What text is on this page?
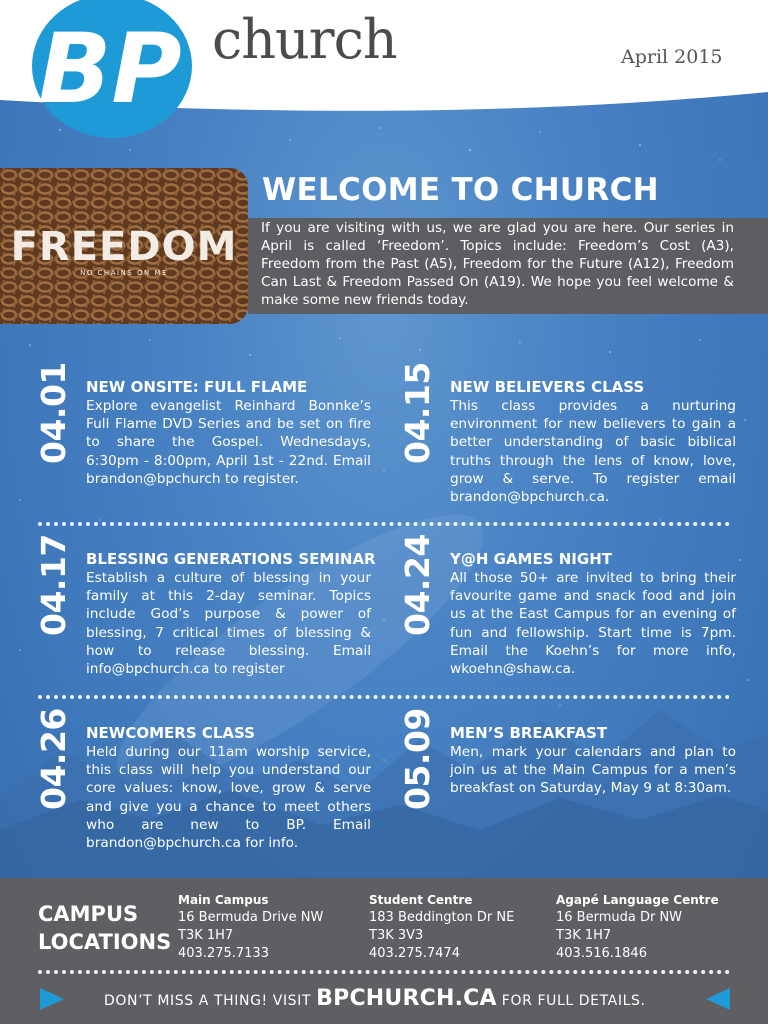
BP church	April 2015
FREEDOM
NO CHAINS ON ME
WELCOME TO CHURCH
If you are visiting with us, we are glad you are here. Our series in April is called ‘Freedom’. Topics include: Freedom’s Cost (A3), Freedom from the Past (A5), Freedom for the Future (A12), Freedom Can Last & Freedom Passed On (A19). We hope you feel welcome & make some new friends today.
04.01 NEW ONSITE: FULL FLAME
Explore evangelist Reinhard Bonnke’s Full Flame DVD Series and be set on fire to share the Gospel. Wednesdays, 6:30pm - 8:00pm, April 1st - 22nd. Email brandon@bpchurch to register.
04.15 NEW BELIEVERS CLASS
This class provides a nurturing environment for new believers to gain a better understanding of basic biblical truths through the lens of know, love, grow & serve. To register email brandon@bpchurch.ca.
04.17 BLESSING GENERATIONS SEMINAR
Establish a culture of blessing in your family at this 2-day seminar. Topics include God’s purpose & power of blessing, 7 critical times of blessing & how to release blessing. Email info@bpchurch.ca to register
04.24 Y@H GAMES NIGHT
All those 50+ are invited to bring their favourite game and snack food and join us at the East Campus for an evening of fun and fellowship. Start time is 7pm. Email the Koehn’s for more info, wkoehn@shaw.ca.
04.26 NEWCOMERS CLASS
Held during our 11am worship service, this class will help you understand our core values: know, love, grow & serve and give you a chance to meet others who are new to BP. Email brandon@bpchurch.ca for info.
05.09 MEN’S BREAKFAST
Men, mark your calendars and plan to join us at the Main Campus for a men’s breakfast on Saturday, May 9 at 8:30am.
CAMPUS
LOCATIONS
Main Campus
16 Bermuda Drive NW
T3K 1H7
403.275.7133
Student Centre
183 Beddington Dr NE
T3K 3V3
403.275.7474
Agapé Language Centre
16 Bermuda Dr NW
T3K 1H7
403.516.1846
DON’T MISS A THING! VISIT BPCHURCH.CA FOR FULL DETAILS.
